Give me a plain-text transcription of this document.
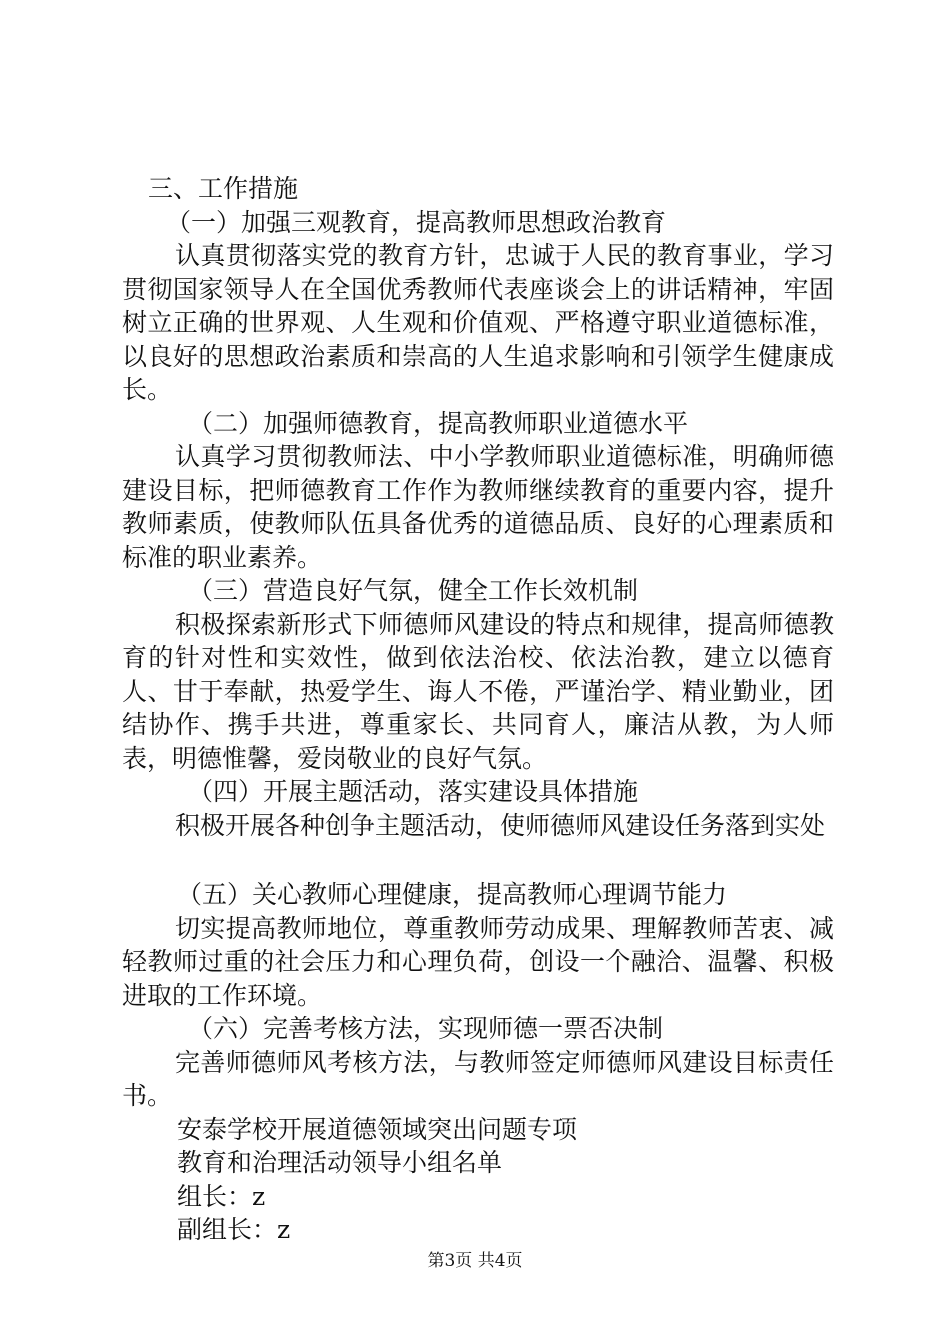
三、工作措施

（一）加强三观教育，提高教师思想政治教育

认真贯彻落实党的教育方针，忠诚于人民的教育事业，学习贯彻国家领导人在全国优秀教师代表座谈会上的讲话精神，牢固树立正确的世界观、人生观和价值观、严格遵守职业道德标准，以良好的思想政治素质和崇高的人生追求影响和引领学生健康成长。

（二）加强师德教育，提高教师职业道德水平

认真学习贯彻教师法、中小学教师职业道德标准，明确师德建设目标，把师德教育工作作为教师继续教育的重要内容，提升教师素质，使教师队伍具备优秀的道德品质、良好的心理素质和标准的职业素养。

（三）营造良好气氛，健全工作长效机制

积极探索新形式下师德师风建设的特点和规律，提高师德教育的针对性和实效性，做到依法治校、依法治教，建立以德育人、甘于奉献，热爱学生、诲人不倦，严谨治学、精业勤业，团结协作、携手共进，尊重家长、共同育人，廉洁从教，为人师表，明德惟馨，爱岗敬业的良好气氛。

（四）开展主题活动，落实建设具体措施

积极开展各种创争主题活动，使师德师风建设任务落到实处

（五）关心教师心理健康，提高教师心理调节能力

切实提高教师地位，尊重教师劳动成果、理解教师苦衷、减轻教师过重的社会压力和心理负荷，创设一个融洽、温馨、积极进取的工作环境。

（六）完善考核方法，实现师德一票否决制

完善师德师风考核方法，与教师签定师德师风建设目标责任书。

安泰学校开展道德领域突出问题专项

教育和治理活动领导小组名单

组长：z

副组长：z

第3页 共4页
